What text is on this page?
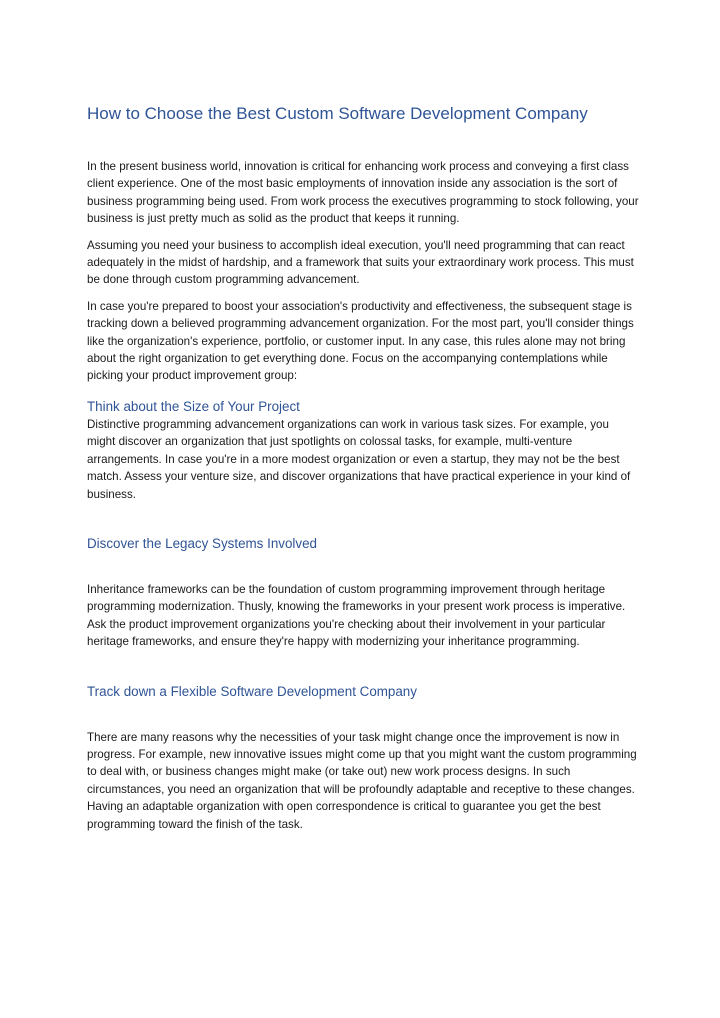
How to Choose the Best Custom Software Development Company

In the present business world, innovation is critical for enhancing work process and conveying a first class client experience. One of the most basic employments of innovation inside any association is the sort of business programming being used. From work process the executives programming to stock following, your business is just pretty much as solid as the product that keeps it running.

Assuming you need your business to accomplish ideal execution, you'll need programming that can react adequately in the midst of hardship, and a framework that suits your extraordinary work process. This must be done through custom programming advancement.

In case you're prepared to boost your association's productivity and effectiveness, the subsequent stage is tracking down a believed programming advancement organization. For the most part, you'll consider things like the organization's experience, portfolio, or customer input. In any case, this rules alone may not bring about the right organization to get everything done. Focus on the accompanying contemplations while picking your product improvement group:

Think about the Size of Your Project

Distinctive programming advancement organizations can work in various task sizes. For example, you might discover an organization that just spotlights on colossal tasks, for example, multi-venture arrangements. In case you're in a more modest organization or even a startup, they may not be the best match. Assess your venture size, and discover organizations that have practical experience in your kind of business.

Discover the Legacy Systems Involved

Inheritance frameworks can be the foundation of custom programming improvement through heritage programming modernization. Thusly, knowing the frameworks in your present work process is imperative. Ask the product improvement organizations you're checking about their involvement in your particular heritage frameworks, and ensure they're happy with modernizing your inheritance programming.

Track down a Flexible Software Development Company

There are many reasons why the necessities of your task might change once the improvement is now in progress. For example, new innovative issues might come up that you might want the custom programming to deal with, or business changes might make (or take out) new work process designs. In such circumstances, you need an organization that will be profoundly adaptable and receptive to these changes. Having an adaptable organization with open correspondence is critical to guarantee you get the best programming toward the finish of the task.
